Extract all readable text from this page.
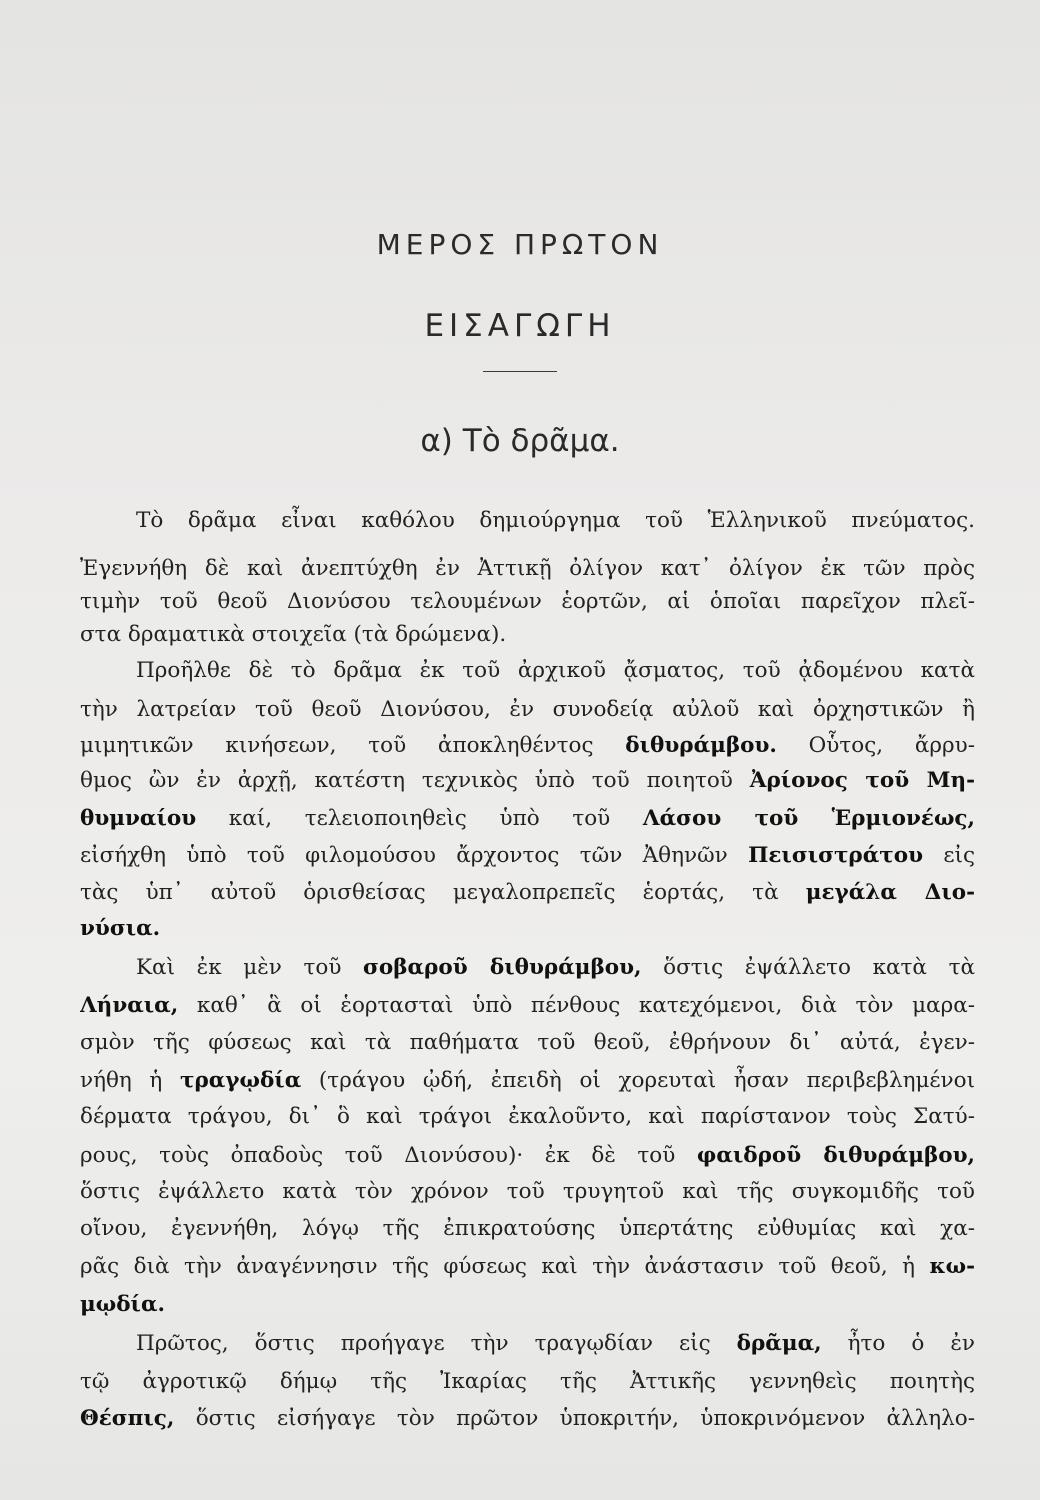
ΜΕΡΟΣ ΠΡΩΤΟΝ
ΕΙΣΑΓΩΓΗ
α) Τὸ δρᾶμα.
Τὸ δρᾶμα εἶναι καθόλου δημιούργημα τοῦ Ἑλληνικοῦ πνεύματος.
Ἐγεννήθη δὲ καὶ ἀνεπτύχθη ἐν Ἀττικῇ ὀλίγον κατ᾽ ὀλίγον ἐκ τῶν πρὸς
τιμὴν τοῦ θεοῦ Διονύσου τελουμένων ἑορτῶν, αἱ ὁποῖαι παρεῖχον πλεῖ-
στα δραματικὰ στοιχεῖα (τὰ δρώμενα).
Προῆλθε δὲ τὸ δρᾶμα ἐκ τοῦ ἀρχικοῦ ᾄσματος, τοῦ ᾀδομένου κατὰ
τὴν λατρείαν τοῦ θεοῦ Διονύσου, ἐν συνοδείᾳ αὐλοῦ καὶ ὀρχηστικῶν ἢ
μιμητικῶν κινήσεων, τοῦ ἀποκληθέντος διθυράμβου. Οὗτος, ἄρρυ-
θμος ὢν ἐν ἀρχῇ, κατέστη τεχνικὸς ὑπὸ τοῦ ποιητοῦ Ἀρίονος τοῦ Μη-
θυμναίου καί, τελειοποιηθεὶς ὑπὸ τοῦ Λάσου τοῦ Ἑρμιονέως,
εἰσήχθη ὑπὸ τοῦ φιλομούσου ἄρχοντος τῶν Ἀθηνῶν Πεισιστράτου εἰς
τὰς ὑπ᾽ αὐτοῦ ὁρισθείσας μεγαλοπρεπεῖς ἑορτάς, τὰ μεγάλα Διο-
νύσια.
Καὶ ἐκ μὲν τοῦ σοβαροῦ διθυράμβου, ὅστις ἐψάλλετο κατὰ τὰ
Λήναια, καθ᾽ ἃ οἱ ἑορτασταὶ ὑπὸ πένθους κατεχόμενοι, διὰ τὸν μαρα-
σμὸν τῆς φύσεως καὶ τὰ παθήματα τοῦ θεοῦ, ἐθρήνουν δι᾽ αὐτά, ἐγεν-
νήθη ἡ τραγῳδία (τράγου ᾠδή, ἐπειδὴ οἱ χορευταὶ ἦσαν περιβεβλημένοι
δέρματα τράγου, δι᾽ ὃ καὶ τράγοι ἐκαλοῦντο, καὶ παρίστανον τοὺς Σατύ-
ρους, τοὺς ὀπαδοὺς τοῦ Διονύσου)· ἐκ δὲ τοῦ φαιδροῦ διθυράμβου,
ὅστις ἐψάλλετο κατὰ τὸν χρόνον τοῦ τρυγητοῦ καὶ τῆς συγκομιδῆς τοῦ
οἴνου, ἐγεννήθη, λόγῳ τῆς ἐπικρατούσης ὑπερτάτης εὐθυμίας καὶ χα-
ρᾶς διὰ τὴν ἀναγέννησιν τῆς φύσεως καὶ τὴν ἀνάστασιν τοῦ θεοῦ, ἡ κω-
μῳδία.
Πρῶτος, ὅστις προήγαγε τὴν τραγῳδίαν εἰς δρᾶμα, ἦτο ὁ ἐν
τῷ ἀγροτικῷ δήμῳ τῆς Ἰκαρίας τῆς Ἀττικῆς γεννηθεὶς ποιητὴς
Θέσπις, ὅστις εἰσήγαγε τὸν πρῶτον ὑποκριτήν, ὑποκρινόμενον ἀλληλο-
